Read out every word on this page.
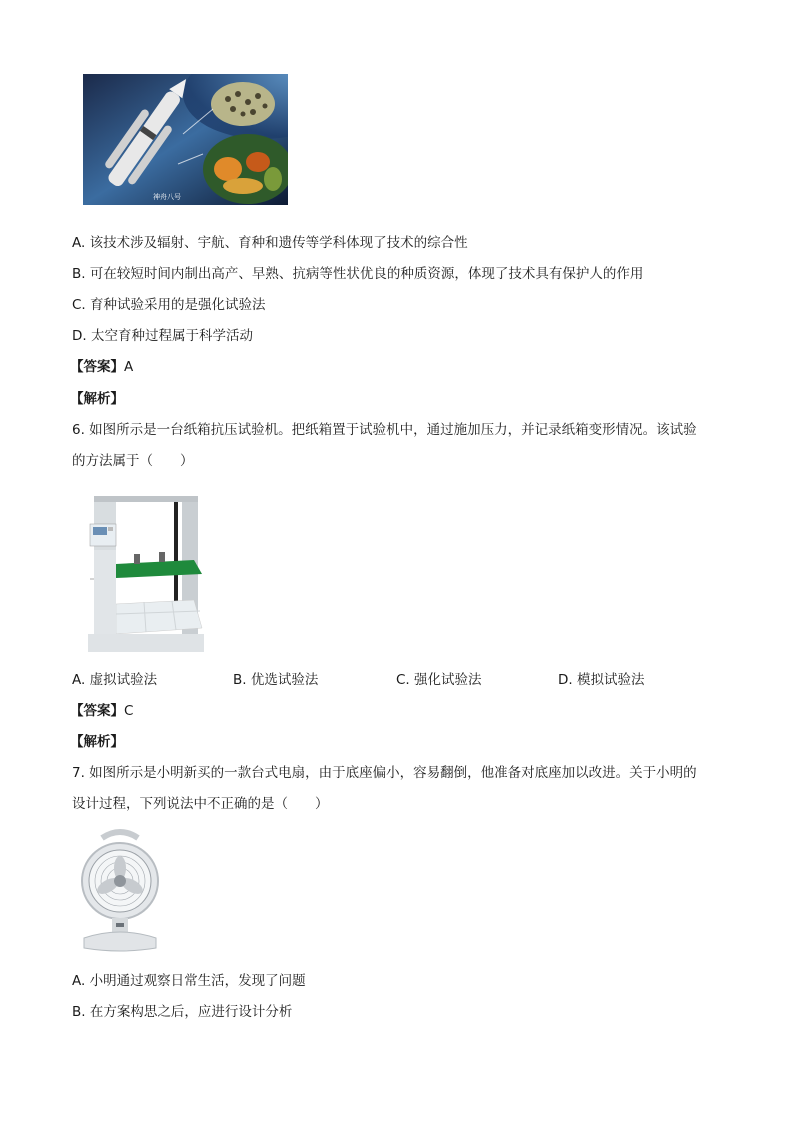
神舟八号
A. 该技术涉及辐射、宇航、育种和遗传等学科体现了技术的综合性
B. 可在较短时间内制出高产、早熟、抗病等性状优良的种质资源，体现了技术具有保护人的作用
C. 育种试验采用的是强化试验法
D. 太空育种过程属于科学活动
【答案】A
【解析】
6. 如图所示是一台纸箱抗压试验机。把纸箱置于试验机中，通过施加压力，并记录纸箱变形情况。该试验
的方法属于（　　）
A. 虚拟试验法	B. 优选试验法	C. 强化试验法	D. 模拟试验法
【答案】C
【解析】
7. 如图所示是小明新买的一款台式电扇，由于底座偏小，容易翻倒，他准备对底座加以改进。关于小明的
设计过程，下列说法中不正确的是（　　）
A. 小明通过观察日常生活，发现了问题
B. 在方案构思之后，应进行设计分析
